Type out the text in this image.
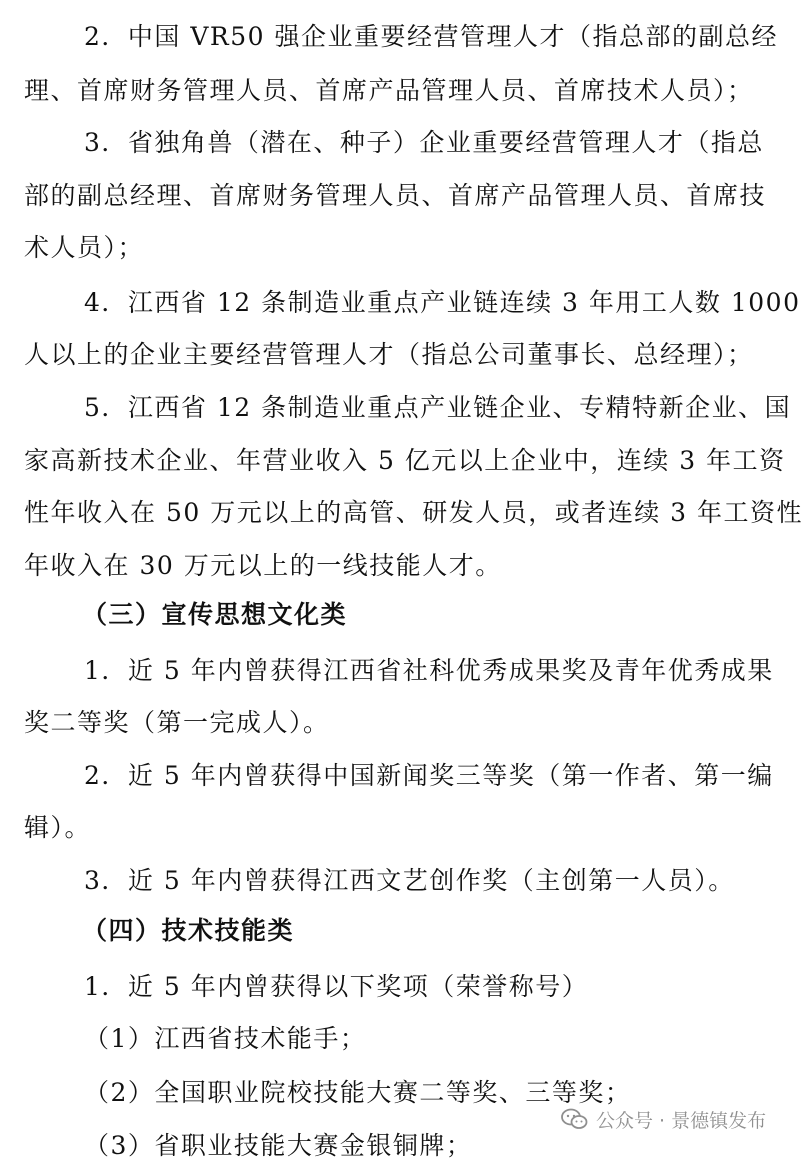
2．中国 VR50 强企业重要经营管理人才（指总部的副总经
理、首席财务管理人员、首席产品管理人员、首席技术人员）；
3．省独角兽（潜在、种子）企业重要经营管理人才（指总
部的副总经理、首席财务管理人员、首席产品管理人员、首席技
术人员）；
4．江西省 12 条制造业重点产业链连续 3 年用工人数 1000
人以上的企业主要经营管理人才（指总公司董事长、总经理）；
5．江西省 12 条制造业重点产业链企业、专精特新企业、国
家高新技术企业、年营业收入 5 亿元以上企业中，连续 3 年工资
性年收入在 50 万元以上的高管、研发人员，或者连续 3 年工资性
年收入在 30 万元以上的一线技能人才。
（三）宣传思想文化类
1．近 5 年内曾获得江西省社科优秀成果奖及青年优秀成果
奖二等奖（第一完成人）。
2．近 5 年内曾获得中国新闻奖三等奖（第一作者、第一编
辑）。
3．近 5 年内曾获得江西文艺创作奖（主创第一人员）。
（四）技术技能类
1．近 5 年内曾获得以下奖项（荣誉称号）
（1）江西省技术能手；
（2）全国职业院校技能大赛二等奖、三等奖；
（3）省职业技能大赛金银铜牌；
公众号 · 景德镇发布
